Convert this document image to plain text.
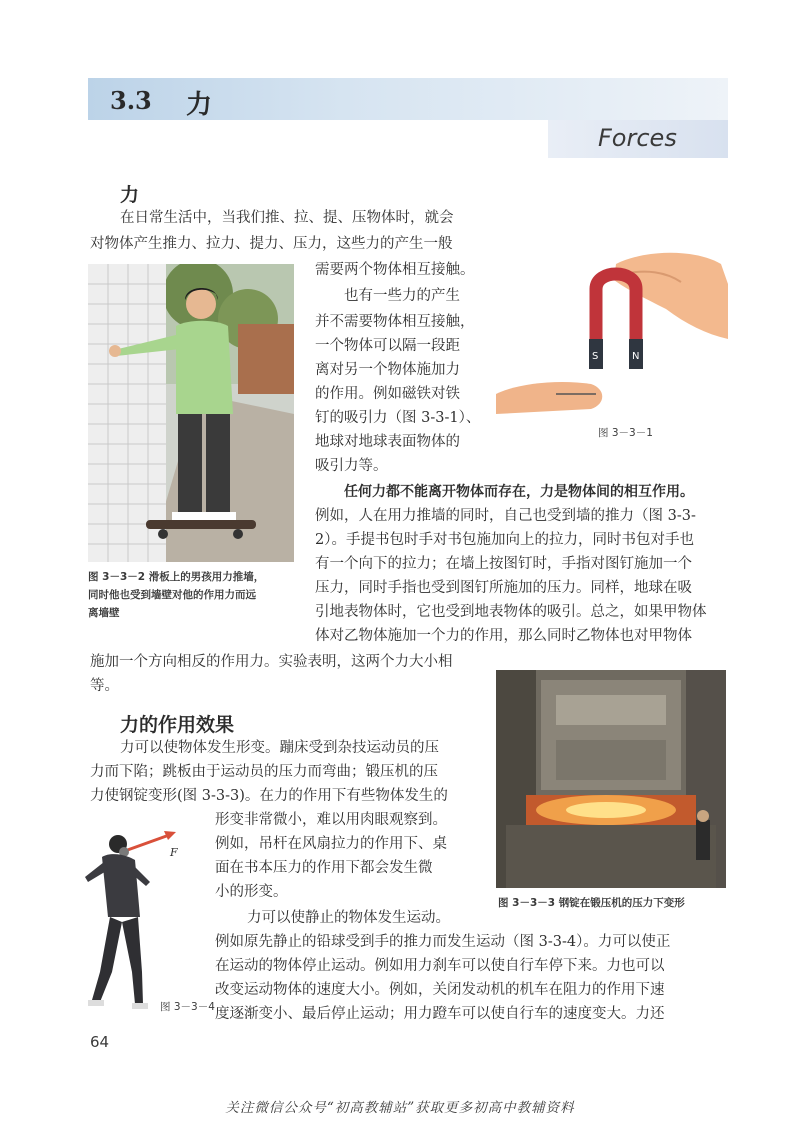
3.3 力
Forces
力
在日常生活中，当我们推、拉、提、压物体时，就会
对物体产生推力、拉力、提力、压力，这些力的产生一般
需要两个物体相互接触。
也有一些力的产生
并不需要物体相互接触，
一个物体可以隔一段距
离对另一个物体施加力
的作用。例如磁铁对铁
钉的吸引力（图 3-3-1）、
地球对地球表面物体的
吸引力等。
任何力都不能离开物体而存在，力是物体间的相互作用。
例如，人在用力推墙的同时，自己也受到墙的推力（图 3-3-
2）。手提书包时手对书包施加向上的拉力，同时书包对手也
有一个向下的拉力；在墙上按图钉时，手指对图钉施加一个
压力，同时手指也受到图钉所施加的压力。同样，地球在吸
引地表物体时，它也受到地表物体的吸引。总之，如果甲物体
体对乙物体施加一个力的作用，那么同时乙物体也对甲物体
施加一个方向相反的作用力。实验表明，这两个力大小相
等。
S	N
图 3－3－1
图 3－3－2 滑板上的男孩用力推墙，
同时他也受到墙壁对他的作用力而远
离墙壁
力的作用效果
力可以使物体发生形变。蹦床受到杂技运动员的压
力而下陷；跳板由于运动员的压力而弯曲；锻压机的压
力使钢锭变形(图 3-3-3)。在力的作用下有些物体发生的
形变非常微小，难以用肉眼观察到。
例如，吊杆在风扇拉力的作用下、桌
面在书本压力的作用下都会发生微
小的形变。
力可以使静止的物体发生运动。
例如原先静止的铅球受到手的推力而发生运动（图 3-3-4）。力可以使正
在运动的物体停止运动。例如用力刹车可以使自行车停下来。力也可以
改变运动物体的速度大小。例如，关闭发动机的机车在阻力的作用下速
度逐渐变小、最后停止运动；用力蹬车可以使自行车的速度变大。力还
图 3－3－3 钢锭在锻压机的压力下变形
F
图 3－3－4
64
关注微信公众号“初高教辅站”获取更多初高中教辅资料
